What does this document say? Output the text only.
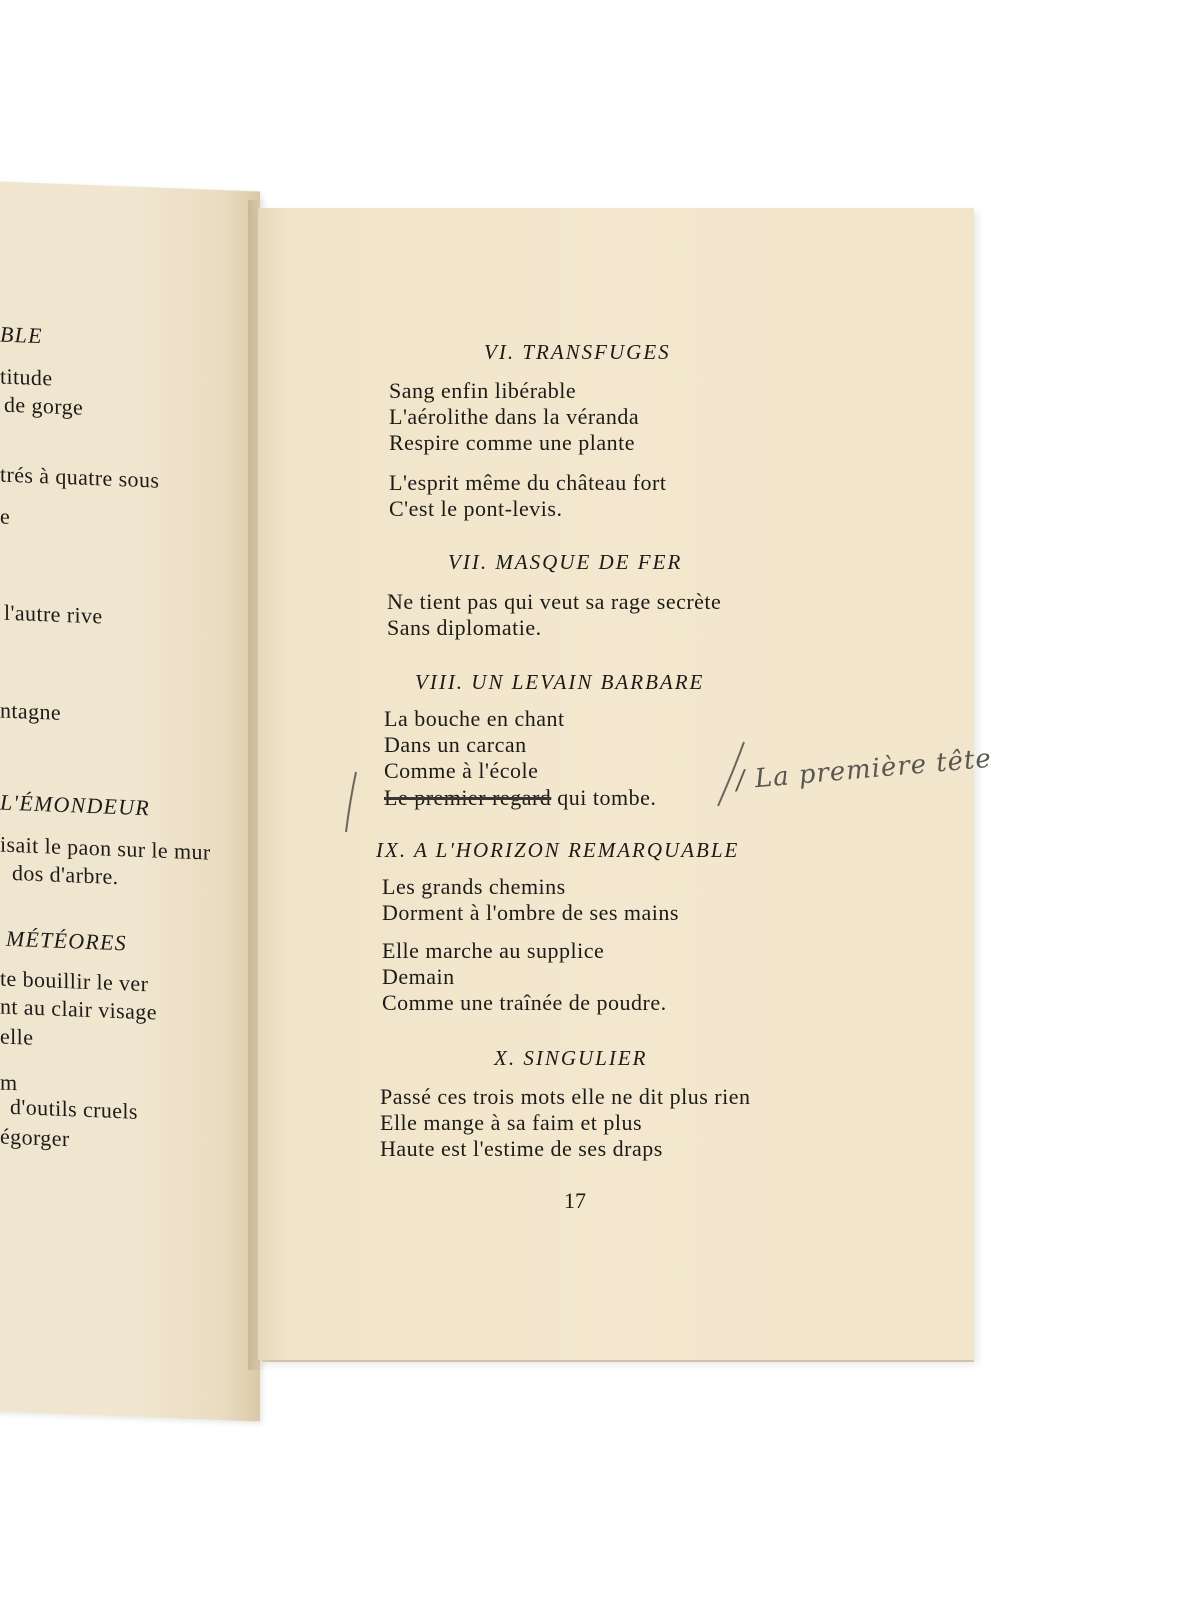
BLE
titude
de gorge
trés à quatre sous
e
l'autre rive
ntagne
L'ÉMONDEUR
isait le paon sur le mur
dos d'arbre.
MÉTÉORES
te bouillir le ver
nt au clair visage
elle
m
d'outils cruels
égorger
VI. TRANSFUGES
Sang enfin libérable
L'aérolithe dans la véranda
Respire comme une plante
L'esprit même du château fort
C'est le pont-levis.
VII. MASQUE DE FER
Ne tient pas qui veut sa rage secrète
Sans diplomatie.
VIII. UN LEVAIN BARBARE
La bouche en chant
Dans un carcan
Comme à l'école
Le premier regard qui tombe.
/ La première tête
IX. A L'HORIZON REMARQUABLE
Les grands chemins
Dorment à l'ombre de ses mains
Elle marche au supplice
Demain
Comme une traînée de poudre.
X. SINGULIER
Passé ces trois mots elle ne dit plus rien
Elle mange à sa faim et plus
Haute est l'estime de ses draps
17
